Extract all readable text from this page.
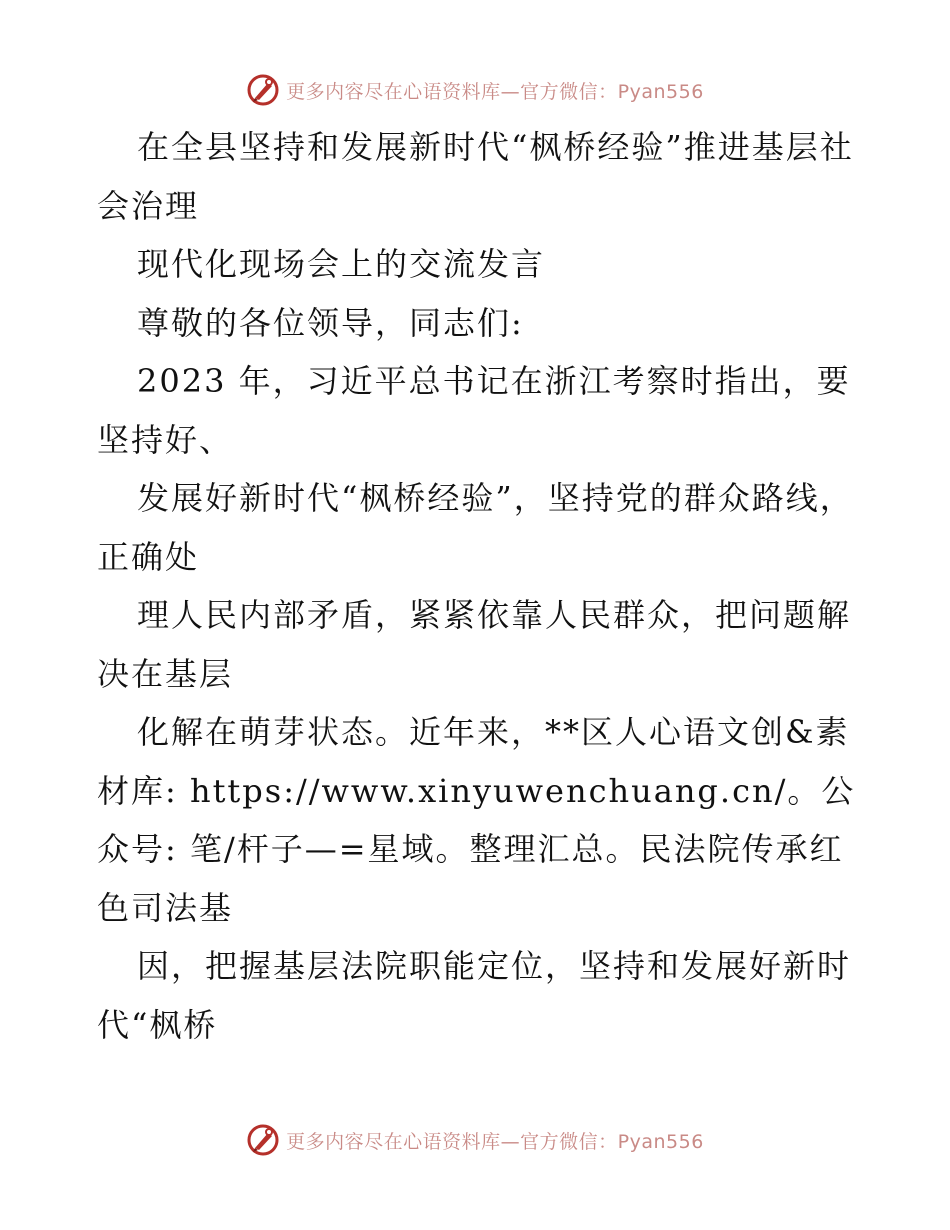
更多内容尽在心语资料库—官方微信：Pyan556

在全县坚持和发展新时代“枫桥经验”推进基层社会治理

现代化现场会上的交流发言

尊敬的各位领导，同志们:

2023 年，习近平总书记在浙江考察时指出，要坚持好、

发展好新时代“枫桥经验”，坚持党的群众路线，正确处

理人民内部矛盾，紧紧依靠人民群众，把问题解决在基层

化解在萌芽状态。近年来，**区人心语文创&素材库: https://www.xinyuwenchuang.cn/。公众号: 笔/杆子—=星域。整理汇总。民法院传承红色司法基

因，把握基层法院职能定位，坚持和发展好新时代“枫桥

更多内容尽在心语资料库—官方微信：Pyan556
